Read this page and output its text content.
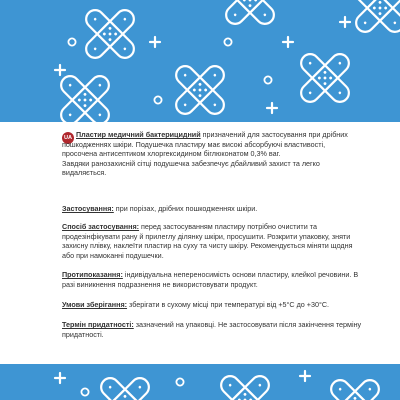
UA Пластир медичний бактерицидний призначений для застосування при дрібних пошкодженнях шкіри. Подушечка пластиру має високі абсорбуючі властивості, просочена антисептиком хлоргексидином біглюконатом 0,3% ваг.

Завдяки ранозахисній сітці подушечка забезпечує дбайливий захист та легко видаляється.

Застосування: при порізах, дрібних пошкодженнях шкіри.

Спосіб застосування: перед застосуванням пластиру потрібно очистити та продезінфікувати рану й прилеглу ділянку шкіри, просушити. Розкрити упаковку, зняти захисну плівку, наклеїти пластир на суху та чисту шкіру. Рекомендується міняти щодня або при намоканні подушечки.

Протипоказання: індивідуальна непереносимість основи пластиру, клейкої речовини. В разі виникнення подразнення не використовувати продукт.

Умови зберігання: зберігати в сухому місці при температурі від +5°С до +30°С.

Термін придатності: зазначений на упаковці. Не застосовувати після закінчення терміну придатності.
